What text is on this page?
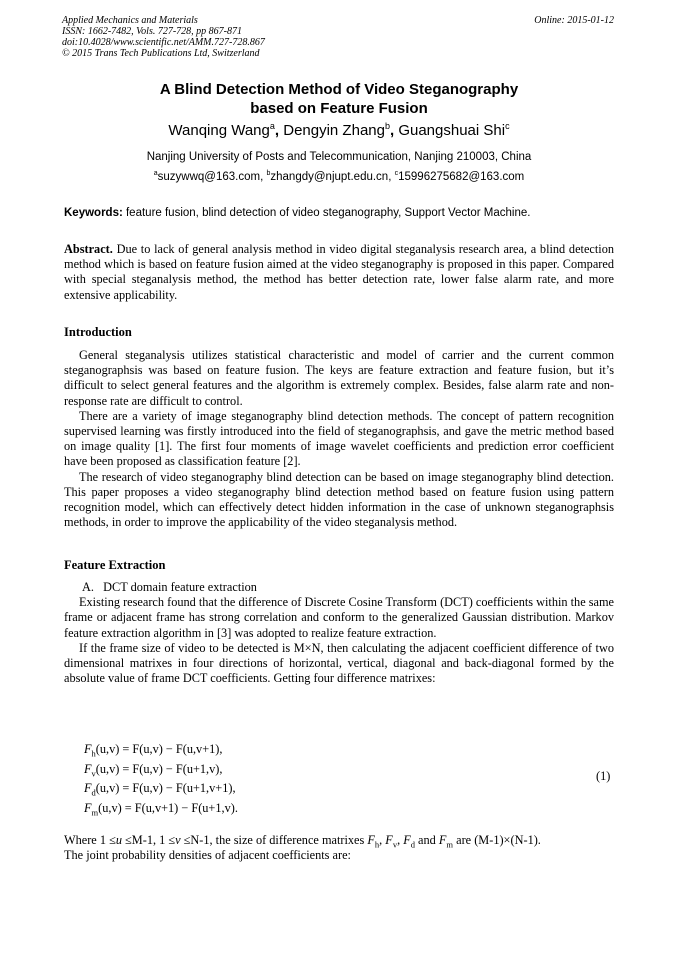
Applied Mechanics and Materials
ISSN: 1662-7482, Vols. 727-728, pp 867-871
doi:10.4028/www.scientific.net/AMM.727-728.867
© 2015 Trans Tech Publications Ltd, Switzerland
Online: 2015-01-12
A Blind Detection Method of Video Steganography
based on Feature Fusion
Wanqing Wang$^a$, Dengyin Zhang$^b$, Guangshuai Shi$^c$
Nanjing University of Posts and Telecommunication, Nanjing 210003, China
$^a$suzywwq@163.com, $^b$zhangdy@njupt.edu.cn, $^c$15996275682@163.com
Keywords: feature fusion, blind detection of video steganography, Support Vector Machine.
Abstract. Due to lack of general analysis method in video digital steganalysis research area, a blind detection method which is based on feature fusion aimed at the video steganography is proposed in this paper. Compared with special steganalysis method, the method has better detection rate, lower false alarm rate, and more extensive applicability.
Introduction

General steganalysis utilizes statistical characteristic and model of carrier and the current common steganographsis was based on feature fusion. The keys are feature extraction and feature fusion, but it’s difficult to select general features and the algorithm is extremely complex. Besides, false alarm rate and non-response rate are difficult to control.

There are a variety of image steganography blind detection methods. The concept of pattern recognition supervised learning was firstly introduced into the field of steganographsis, and gave the metric method based on image quality [1]. The first four moments of image wavelet coefficients and prediction error coefficient have been proposed as classification feature [2].

The research of video steganography blind detection can be based on image steganography blind detection. This paper proposes a video steganography blind detection method based on feature fusion using pattern recognition model, which can effectively detect hidden information in the case of unknown steganographsis methods, in order to improve the applicability of the video steganalysis method.

Feature Extraction

A.   DCT domain feature extraction

Existing research found that the difference of Discrete Cosine Transform (DCT) coefficients within the same frame or adjacent frame has strong correlation and conform to the generalized Gaussian distribution. Markov feature extraction algorithm in [3] was adopted to realize feature extraction.

If the frame size of video to be detected is M×N, then calculating the adjacent coefficient difference of two dimensional matrixes in four directions of horizontal, vertical, diagonal and back-diagonal formed by the absolute value of frame DCT coefficients. Getting four difference matrixes:

$F_h(u,v) = F(u,v) - F(u,v+1)$,
$F_v(u,v) = F(u,v) - F(u+1,v)$,
$F_d(u,v) = F(u,v) - F(u+1,v+1)$,
$F_m(u,v) = F(u,v+1) - F(u+1,v)$.
(1)
Where 1 ≤u ≤M-1, 1 ≤v ≤N-1, the size of difference matrixes $F_h$, $F_v$, $F_d$ and $F_m$ are (M-1)×(N-1).
The joint probability densities of adjacent coefficients are:
